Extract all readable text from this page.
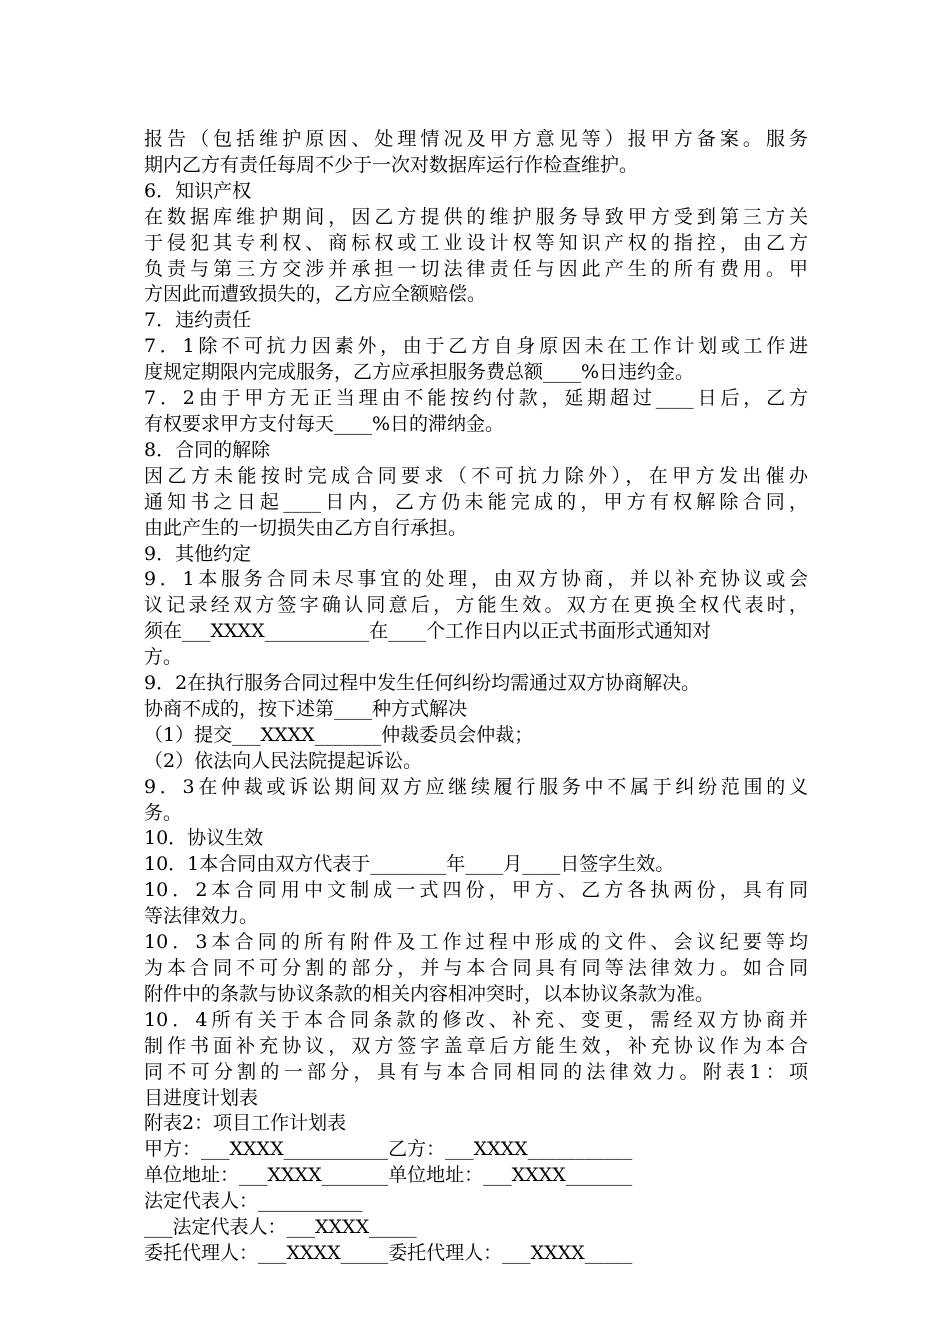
报告（包括维护原因、处理情况及甲方意见等）报甲方备案。服务
期内乙方有责任每周不少于一次对数据库运行作检查维护。
6．知识产权
在数据库维护期间，因乙方提供的维护服务导致甲方受到第三方关
于侵犯其专利权、商标权或工业设计权等知识产权的指控，由乙方
负责与第三方交涉并承担一切法律责任与因此产生的所有费用。甲
方因此而遭致损失的，乙方应全额赔偿。
7．违约责任
7．1除不可抗力因素外，由于乙方自身原因未在工作计划或工作进
度规定期限内完成服务，乙方应承担服务费总额____%日违约金。
7．2由于甲方无正当理由不能按约付款，延期超过____日后，乙方
有权要求甲方支付每天____%日的滞纳金。
8．合同的解除
因乙方未能按时完成合同要求（不可抗力除外），在甲方发出催办
通知书之日起____日内，乙方仍未能完成的，甲方有权解除合同，
由此产生的一切损失由乙方自行承担。
9．其他约定
9．1本服务合同未尽事宜的处理，由双方协商，并以补充协议或会
议记录经双方签字确认同意后，方能生效。双方在更换全权代表时，
须在___XXXX___________在____个工作日内以正式书面形式通知对
方。
9．2在执行服务合同过程中发生任何纠纷均需通过双方协商解决。
协商不成的，按下述第____种方式解决
（1）提交___XXXX_______仲裁委员会仲裁；
（2）依法向人民法院提起诉讼。
9．3在仲裁或诉讼期间双方应继续履行服务中不属于纠纷范围的义
务。
10．协议生效
10．1本合同由双方代表于________年____月____日签字生效。
10．2本合同用中文制成一式四份，甲方、乙方各执两份，具有同
等法律效力。
10．3本合同的所有附件及工作过程中形成的文件、会议纪要等均
为本合同不可分割的部分，并与本合同具有同等法律效力。如合同
附件中的条款与协议条款的相关内容相冲突时，以本协议条款为准。
10．4所有关于本合同条款的修改、补充、变更，需经双方协商并
制作书面补充协议，双方签字盖章后方能生效，补充协议作为本合
同不可分割的一部分，具有与本合同相同的法律效力。附表1：项
目进度计划表
附表2：项目工作计划表
甲方：___XXXX___________乙方：___XXXX___________
单位地址：___XXXX_______单位地址：___XXXX_______
法定代表人：___________
___法定代表人：___XXXX_____
委托代理人：___XXXX_____委托代理人：___XXXX_____
